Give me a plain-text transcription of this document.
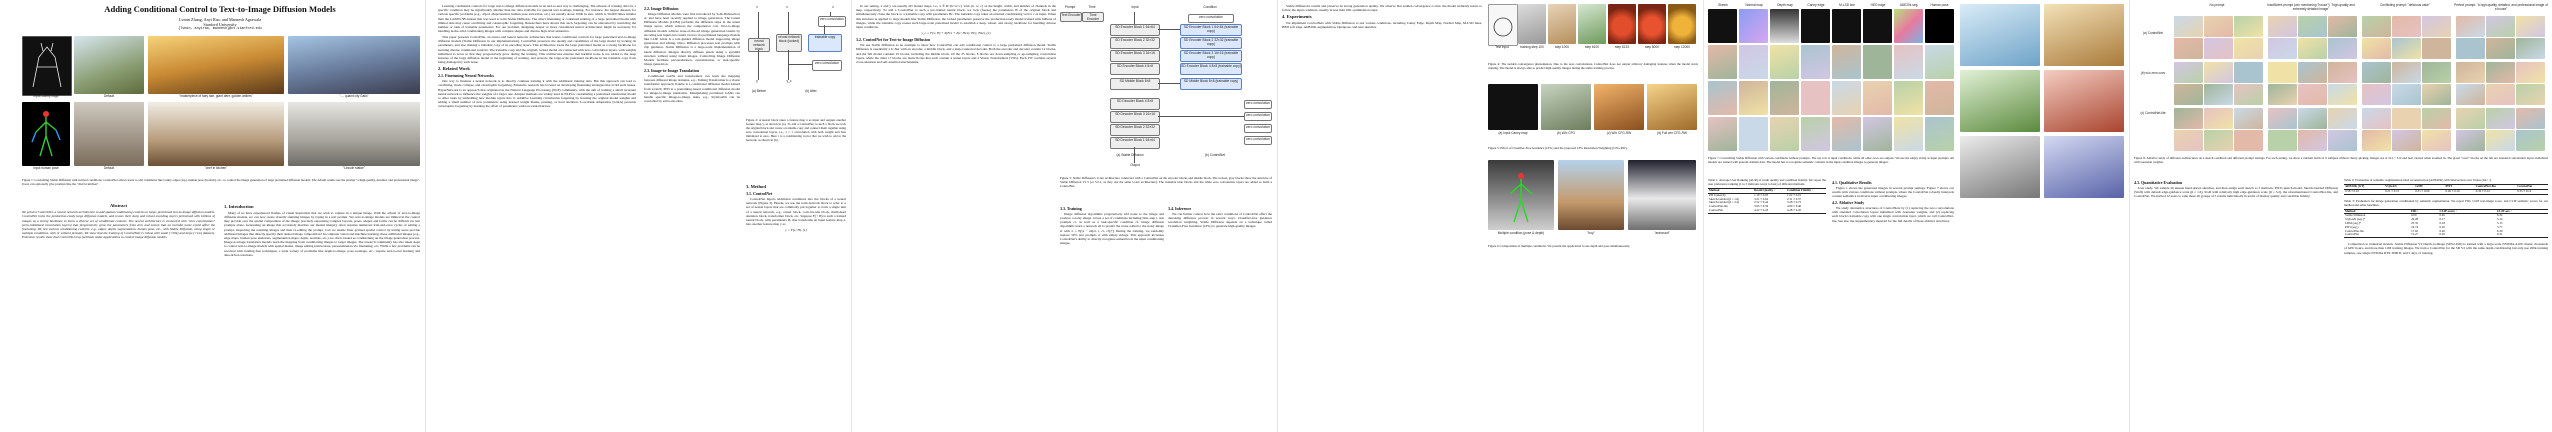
Adding Conditional Control to Text-to-Image Diffusion Models
Lvmin Zhang, Anyi Rao, and Maneesh Agrawala
Stanford University
{lvmin, anyirao, maneesh}@cs.stanford.edu
Input Canny edge	Default	"masterpiece of fairy tale, giant deer, golden antlers"	"..., quaint city Galic"
Input human pose	Default	"chef in kitchen"	"Lincoln statue"
Figure 1: Controlling Stable Diffusion with learned conditions. ControlNet allows users to add conditions like Canny edges (top), human pose (bottom), etc., to control the image generation of large pretrained diffusion models. The default results use the prompt "a high-quality, detailed, and professional image". Users can optionally give prompts like the "chef in kitchen".
Abstract
We present ControlNet, a neural network architecture to add spatial conditioning controls to large, pretrained text-to-image diffusion models. ControlNet locks the production-ready large diffusion models, and reuses their deep and robust encoding layers pretrained with billions of images as a strong backbone to learn a diverse set of conditional controls. The neural architecture is connected with "zero convolutions" (zero-initialized convolution layers) that progressively grow the parameters from zero and ensure that no harmful noise could affect the finetuning. We test various conditioning controls, e.g., edges, depth, segmentation, human pose, etc., with Stable Diffusion, using single or multiple conditions, with or without prompts. We show that the training of ControlNets is robust with small (<50k) and large (>1m) datasets. Extensive results show that ControlNet may facilitate wider applications to control image diffusion models.
1. Introduction

Many of us have experienced flashes of visual inspiration that we wish to capture in a unique image. With the advent of text-to-image diffusion models, we can now create visually stunning images by typing in a text prompt. Yet, text-to-image models are limited in the control they provide over the spatial composition of the image; precisely expressing complex layouts, poses, shapes and forms can be difficult via text prompts alone. Generating an image that accurately matches our mental imagery often requires numerous trial-and-error cycles of editing a prompt, inspecting the resulting images and then re-editing the prompt. Can we enable finer grained spatial control by letting users provide additional images that directly specify their desired image composition? In computer vision and machine learning, these additional images (e.g., edge maps, human pose skeletons, segmentation maps, depth, normals, etc.) are often treated as conditioning on the image generation process. Image-to-image translation models learn the mapping from conditioning images to target images. The research community has also taken steps to control text-to-image models with spatial masks, image editing instructions, personalization via finetuning, etc. While a few problems can be resolved with training-free techniques, a wide variety of problems like depth-to-image, pose-to-image, etc., require end-to-end learning and data-driven solutions.

Learning conditional controls for large text-to-image diffusion models in an end-to-end way is challenging. The amount of training data for a specific condition may be significantly smaller than the data available for general text-to-image training. For instance, the largest datasets for various specific problems (e.g., object shape/normal, human pose extraction, etc.) are usually about 100K in size, which is 50,000 times smaller than the LAION-5B dataset that was used to train Stable Diffusion. The direct finetuning or continued training of a large pretrained model with limited data may cause overfitting and catastrophic forgetting. Researchers have shown that such forgetting can be alleviated by restricting the number or rank of trainable parameters. For our problem, designing deeper or more customized neural architectures might be necessary for handling in-the-wild conditioning images with complex shapes and diverse high-level semantics.

This paper presents ControlNet, an end-to-end neural network architecture that learns conditional controls for large pretrained text-to-image diffusion models (Stable Diffusion in our implementation). ControlNet preserves the quality and capabilities of the large model by locking its parameters, and also making a trainable copy of its encoding layers. This architecture treats the large pretrained model as a strong backbone for learning diverse conditional controls. The trainable copy and the original, locked model are connected with zero convolution layers, with weights initialized to zeros so that they progressively grow during the training. This architecture ensures that harmful noise is not added to the deep features of the large diffusion model at the beginning of training, and protects the large-scale pretrained backbone in the trainable copy from being damaged by such noise.

2. Related Work
2.1. Finetuning Neural Networks

One way to finetune a neural network is to directly continue training it with the additional training data. But this approach can lead to overfitting, mode collapse, and catastrophic forgetting. Extensive research has focused on developing finetuning strategies that avoid such issues. HyperNetwork is an approach that originated in the Natural Language Processing (NLP) community, with the aim of training a small recurrent neural network to influence the weights of a larger one. Adapter methods are widely used in NLP for customizing a pretrained transformer model to other tasks by embedding new module layers into it. Additive Learning circumvents forgetting by freezing the original model weights and adding a small number of new parameters using learned weight masks, pruning, or hard attention. Low-Rank Adaptation (LoRA) prevents catastrophic forgetting by learning the offset of parameters with low-rank matrices.

2.2. Image Diffusion

Image Diffusion Models were first introduced by Sohl-Dickstein et al. and have been recently applied to image generation. The Latent Diffusion Models (LDM) performs the diffusion steps in the latent image space, which reduces the computation cost. Text-to-image diffusion models achieve state-of-the-art image generation results by encoding text inputs into latent vectors via pretrained language models like CLIP. Glide is a text-guided diffusion model supporting image generation and editing. Disco Diffusion processes text prompts with clip guidance. Stable Diffusion is a large-scale implementation of latent diffusion. Imagen directly diffuses pixels using a pyramid structure without using latent images. Controlling Image Diffusion Models facilitate personalization, customization, or task-specific image generation.

2.3. Image-to-Image Translation

Conditional GANs and transformers can learn the mapping between different image domains, e.g., Taming Transformer is a vision transformer approach; Palette is a conditional diffusion model trained from scratch; PITI is a pretraining-based conditional diffusion model for image-to-image translation. Manipulating pretrained GANs can handle specific image-to-image tasks, e.g., StyleGANs can be controlled by extra encoders.

x
neural network block
y
x
neural network block (locked)
c
zero convolution
trainable copy
zero convolution
y_c
(a) Before	(b) After
Figure 2: A neural block takes a feature map x as input and outputs another feature map y, as shown in (a). To add a ControlNet to such a block we lock the original block and create a trainable copy and connect them together using zero convolution layers, i.e., 1 × 1 convolution with both weight and bias initialized to zero. Here c is a conditioning vector that we wish to add to the network, as shown in (b).
3. Method
3.1. ControlNet

ControlNet injects additional conditions into the blocks of a neural network (Figure 2). Herein, we use the term network block to refer to a set of neural layers that are commonly put together to form a single unit of a neural network, e.g., resnet block, conv-bn-relu block, multi-head attention block, transformer block, etc. Suppose F(·; Θ) is such a trained neural block, with parameters Θ, that transforms an input feature map x, into another feature map y as

y = F(x; Θ). (1)

In our setting, x and y are usually 2D feature maps, i.e., x ∈ R^{h×w×c} with {h, w, c} as the height, width, and number of channels in the map, respectively. To add a ControlNet to such a pre-trained neural block, we lock (freeze) the parameters Θ of the original block and simultaneously clone the block to a trainable copy with parameters Θc. The trainable copy takes an external conditioning vector c as input. When this structure is applied to large models like Stable Diffusion, the locked parameters preserve the production-ready model trained with billions of images, while the trainable copy reuses such large-scale pretrained model to establish a deep, robust, and strong backbone for handling diverse input conditions.

y_c = F(x; Θ) + Z(F(x + Z(c; Θz1); Θc); Θz2), (2)
3.2. ControlNet for Text-to-Image Diffusion

We use Stable Diffusion as an example to show how ControlNet can add conditional control to a large pretrained diffusion model. Stable Diffusion is essentially a U-Net with an encoder, a middle block, and a skip-connected decoder. Both the encoder and decoder contain 12 blocks, and the full model contains 25 blocks, including the middle block. Of the 25 blocks, 8 blocks are down-sampling or up-sampling convolution layers, while the other 17 blocks are main blocks that each contain 4 resnet layers and 2 Vision Transformers (ViTs). Each ViT contains several cross-attention and self-attention mechanisms.

Prompt	Time
Text Encoder	Time Encoder
Input
Output
SD Encoder Block 1 64×64
SD Encoder Block 2 32×32
SD Encoder Block 3 16×16
SD Encoder Block 4 8×8
SD Middle Block 8×8
SD Decoder Block 4 8×8
SD Decoder Block 3 16×16
SD Decoder Block 2 32×32
SD Decoder Block 1 64×64
Condition
zero convolution
SD Encoder Block 1 64×64 (trainable copy)
SD Encoder Block 2 32×32 (trainable copy)
SD Encoder Block 3 16×16 (trainable copy)
SD Encoder Block 4 8×8 (trainable copy)
SD Middle Block 8×8 (trainable copy)
zero convolution
zero convolution
zero convolution
zero convolution
(a) Stable Diffusion	(b) ControlNet
Figure 3: Stable Diffusion's U-net architecture connected with a ControlNet on the encoder blocks and middle block. The locked, gray blocks show the structure of Stable Diffusion V1.5 (or V2.1, as they use the same U-net architecture). The trainable blue blocks and the white zero convolution layers are added to build a ControlNet.
3.3. Training

Image diffusion algorithms progressively add noise to the image and produce a noisy image. Given a set of conditions including time step t, text prompts ct, as well as a task-specific condition cf, image diffusion algorithms learn a network εθ to predict the noise added to the noisy image zt with L = E[||ε − εθ(zt, t, ct, cf)||²]. During the training, we randomly replace 50% text prompts ct with empty strings. This approach increases ControlNet's ability to directly recognize semantics in the input conditioning images.

3.4. Inference

We can further control how the extra conditions of ControlNet affect the denoising diffusion process in several ways. Classifier-free guidance resolution weighting. Stable Diffusion depends on a technique called Classifier-Free Guidance (CFG) to generate high-quality images.

Stable Diffusion's results and preserve its strong generation quality. We observe that sudden convergence occurs: the model suddenly learns to follow the input condition, usually in less than 10K optimization steps.

4. Experiments

We implement ControlNets with Stable Diffusion to test various conditions, including Canny Edge, Depth Map, Normal Map, M-LSD lines, HED soft edge, ADE20K segmentation, Openpose, and user sketches.

Test input	training step 100	step 1000	step 6100	step 6133	step 8000	step 12000
Figure 4: The sudden convergence phenomenon. Due to the zero convolutions, ControlNet does not output arbitrary damaging features when the model starts training. The model is always able to predict high-quality images during the entire training process.
(a) Input Canny map	(b) W/o CFG	(c) W/o CFG-RW	(d) Full w/o CFG-RW
Figure 5: Effect of Classifier-Free Guidance (CFG) and the proposed CFG Resolution Weighting (CFG-RW).
Multiple condition (pose & depth)	"boy"	"astronaut"
Figure 6: Composition of multiple conditions. We present the application to use depth and pose simultaneously.
Sketch	Normal map	Depth map	Canny edge	M-LSD line	HED edge	ADE20k seg.	Human pose
Figure 7: Controlling Stable Diffusion with various conditions without prompts. The top row is input conditions, while all other rows are outputs. We use the empty string as input prompts. All models are trained with general-domain data. The model has to recognize semantic contents in the input condition images to generate images.
Table 1: Average User Ranking (AUR) of result quality and condition fidelity. We report the user preference ranking (1 to 5 indicates worst to best) of different methods.
Method	Result Quality ↑	Condition Fidelity ↑
PITI (sketch)	1.10 ± 0.05	1.02 ± 0.01
Sketch-Guided (β = 1.6)	3.21 ± 0.62	2.31 ± 0.57
Sketch-Guided (β = 3.2)	2.52 ± 0.44	3.28 ± 0.72
ControlNet-lite	3.93 ± 0.59	4.09 ± 0.46
ControlNet	4.22 ± 0.43	4.28 ± 0.45
4.1. Qualitative Results

Figure 1 shows the generated images in several prompt settings. Figure 7 shows our results with various conditions without prompts, where the ControlNet robustly interprets content semantics in diverse input conditioning images.

4.2. Ablative Study

We study alternative structures of ControlNets by (1) replacing the zero convolutions with standard convolution layers initialized with Gaussian weights, and (2) replacing each block's trainable copy with one single convolution layer, which we call ControlNet-lite. See also the supplementary material for the full details of these ablative structures.

No prompt	Insufficient prompt (w/o mentioning "house"): "high-quality and extremely detailed image"
Conflicting prompt: "delicious cake"	Perfect prompt: "a high-quality, detailed, and professional image of a house"
(a) ControlNet
(b) w/o zero conv
(c) ControlNet-lite
Figure 8: Ablative study of different architectures on a sketch condition and different prompt settings. For each setting, we show a random batch of 6 samples without cherry-picking. Images are at 512 × 512 and best viewed when zoomed in. The green "conv" blocks on the left are standard convolution layers initialized with Gaussian weights.
4.3. Quantitative Evaluation

User study. We sample 20 unseen hand-drawn sketches, and then assign each sketch to 5 methods: PITI's sketch model, Sketch-Guided Diffusion (SGD) with default edge-guidance scale (β = 1.6), SGD with relatively high edge-guidance scale (β = 3.2), the aforementioned ControlNet-lite, and ControlNet. We invited 12 users to rank these 20 groups of 5 results individually in terms of display quality and condition fidelity.

Table 2: Evaluation of semantic segmentation label reconstruction (ADE20K) with Intersection over Union (IoU ↑).
ADE20K (GT)	VQGAN	LDM	PITI	ControlNet-lite	ControlNet
0.58 ± 0.10	0.21 ± 0.15	0.31 ± 0.09	0.26 ± 0.16	0.32 ± 0.12	0.35 ± 0.14
Table 3: Evaluation for image generation conditioned by semantic segmentation. We report FID, CLIP text-image score, and CLIP aesthetic scores for our method and other baselines.
Method	FID ↓	CLIP-score ↑	CLIP-aes. ↑
Stable Diffusion	6.09	0.26	6.32
VQGAN (seg.)*	26.28	0.17	5.14
LDM (seg.)*	25.35	0.18	5.15
PITI (seg.)	19.74	0.20	5.77
ControlNet-lite	17.92	0.26	6.30
ControlNet	15.27	0.26	6.31

Comparison to industrial models. Stable Diffusion V2 Depth-to-Image (SDv2-D2I) is trained with a large-scale NVIDIA A100 cluster, thousands of GPU hours, and more than 12M training images. We train a ControlNet for the SD V2 with the same depth conditioning but only use 200k training samples, one single NVIDIA RTX 3090Ti, and 5 days of training.
